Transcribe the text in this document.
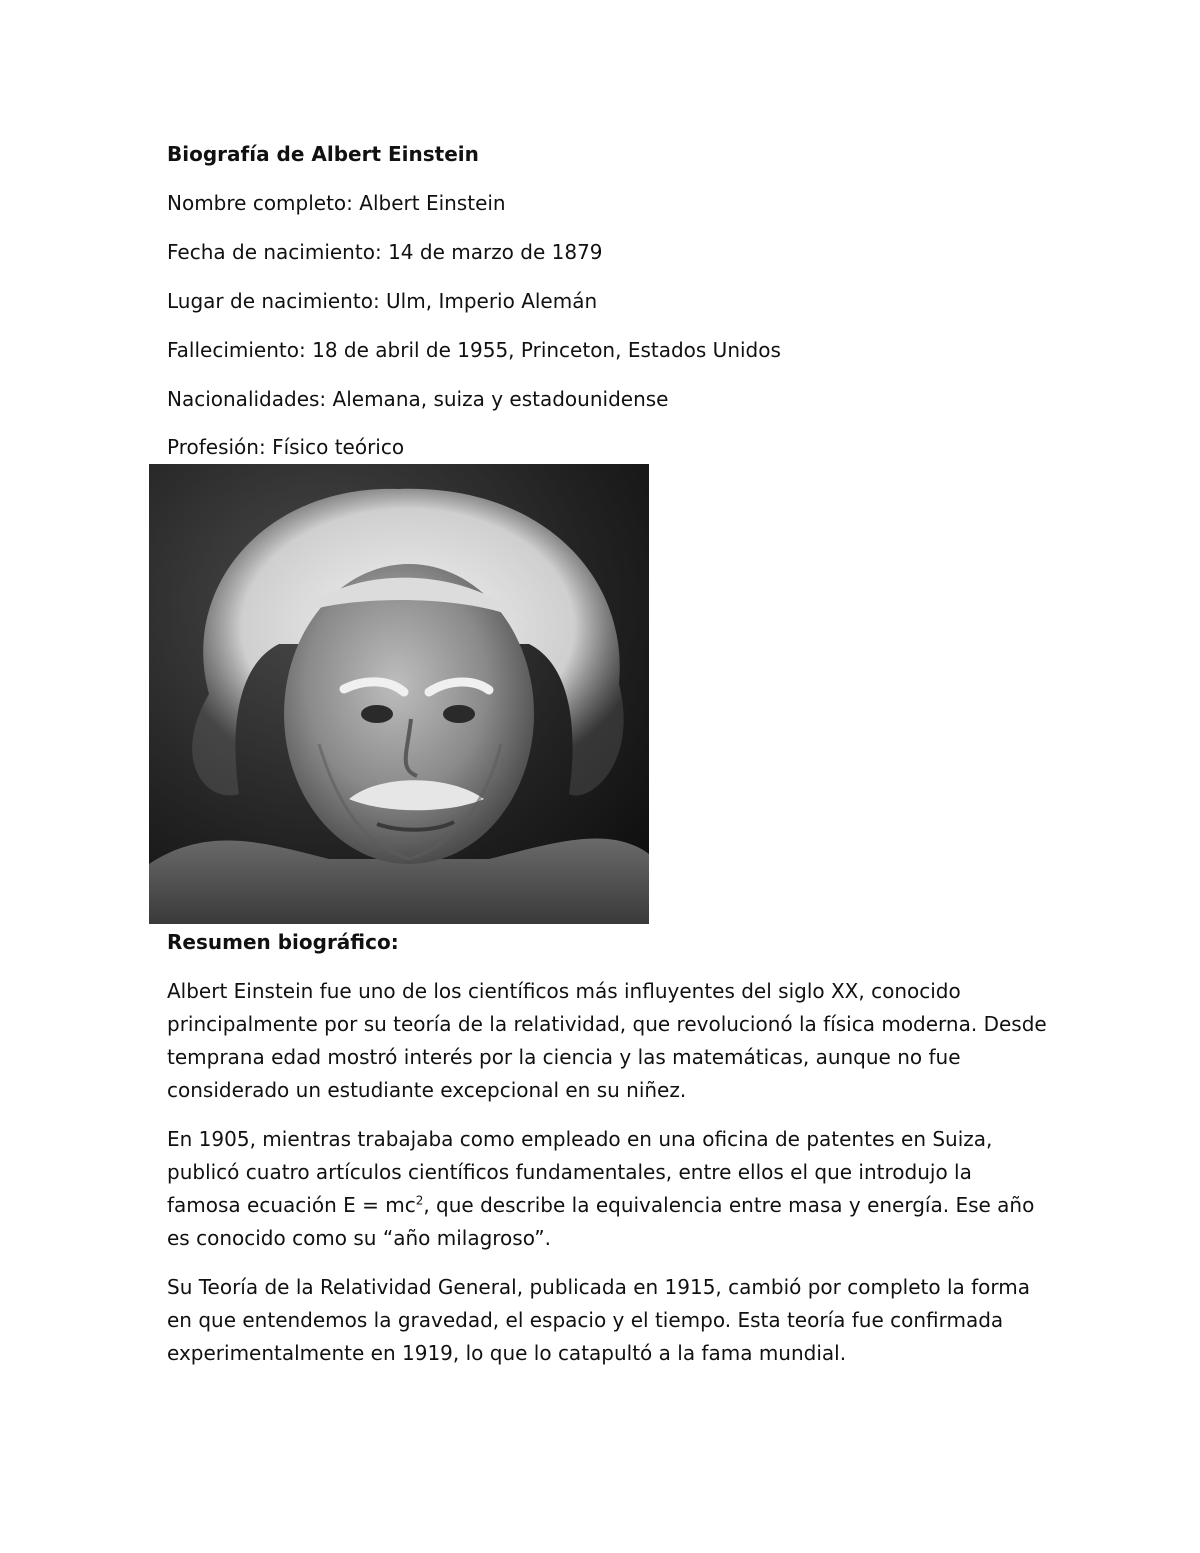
Biografía de Albert Einstein

Nombre completo: Albert Einstein

Fecha de nacimiento: 14 de marzo de 1879

Lugar de nacimiento: Ulm, Imperio Alemán

Fallecimiento: 18 de abril de 1955, Princeton, Estados Unidos

Nacionalidades: Alemana, suiza y estadounidense

Profesión: Físico teórico

Resumen biográfico:

Albert Einstein fue uno de los científicos más influyentes del siglo XX, conocido principalmente por su teoría de la relatividad, que revolucionó la física moderna. Desde temprana edad mostró interés por la ciencia y las matemáticas, aunque no fue considerado un estudiante excepcional en su niñez.

En 1905, mientras trabajaba como empleado en una oficina de patentes en Suiza, publicó cuatro artículos científicos fundamentales, entre ellos el que introdujo la famosa ecuación $E = mc^2$, que describe la equivalencia entre masa y energía. Ese año es conocido como su “año milagroso”.

Su Teoría de la Relatividad General, publicada en 1915, cambió por completo la forma en que entendemos la gravedad, el espacio y el tiempo. Esta teoría fue confirmada experimentalmente en 1919, lo que lo catapultó a la fama mundial.
